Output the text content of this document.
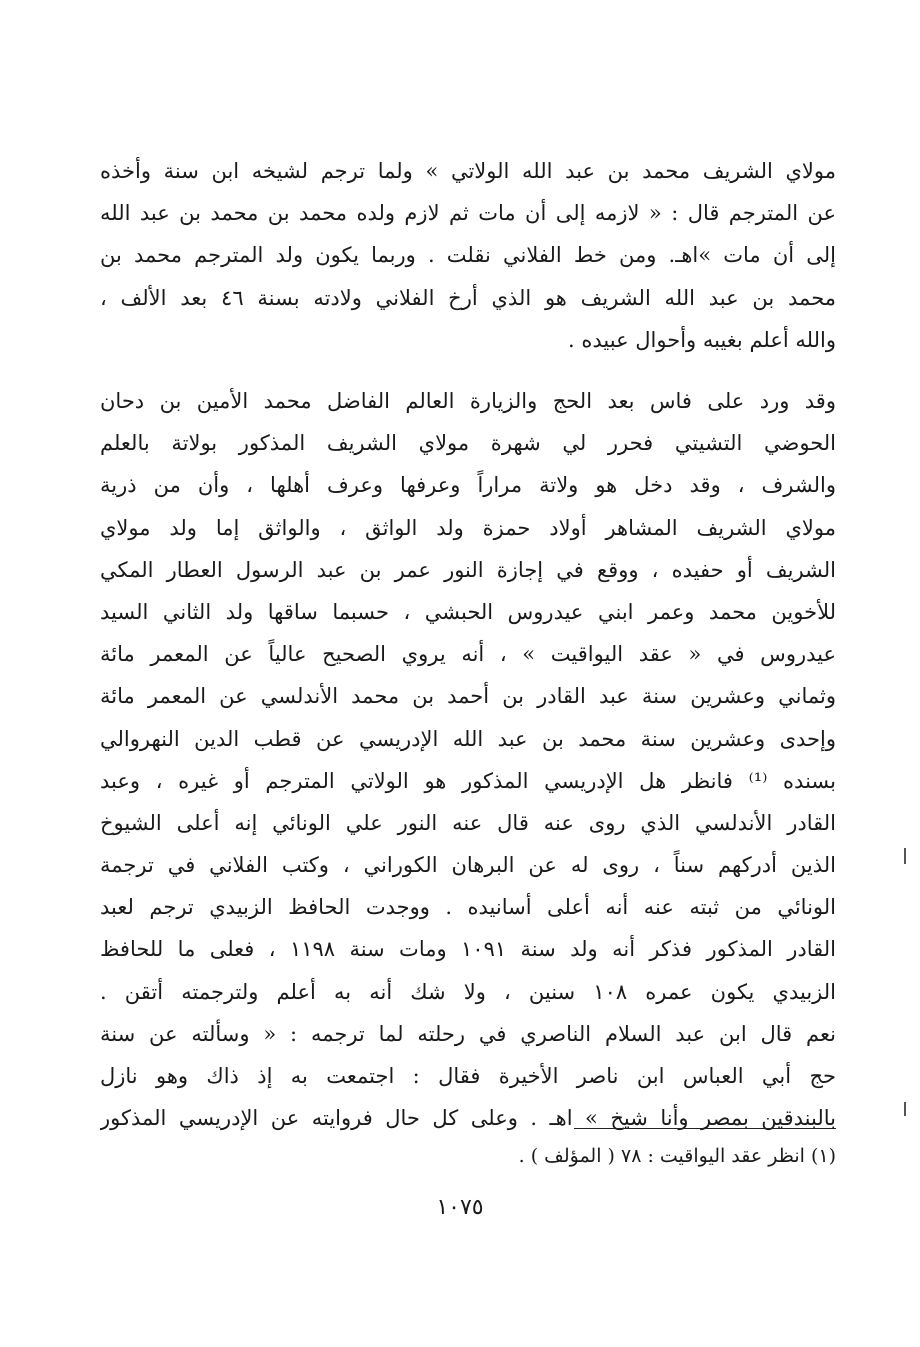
مولاي الشريف محمد بن عبد الله الولاتي » ولما ترجم لشيخه ابن سنة وأخذه
عن المترجم قال : « لازمه إلى أن مات ثم لازم ولده محمد بن محمد بن عبد الله
إلى أن مات »اهـ. ومن خط الفلاني نقلت . وربما يكون ولد المترجم محمد بن
محمد بن عبد الله الشريف هو الذي أرخ الفلاني ولادته بسنة ٤٦ بعد الألف ،
والله أعلم بغيبه وأحوال عبيده .
وقد ورد على فاس بعد الحج والزيارة العالم الفاضل محمد الأمين بن دحان
الحوضي التشيتي فحرر لي شهرة مولاي الشريف المذكور بولاتة بالعلم
والشرف ، وقد دخل هو ولاتة مراراً وعرفها وعرف أهلها ، وأن من ذرية
مولاي الشريف المشاهر أولاد حمزة ولد الواثق ، والواثق إما ولد مولاي
الشريف أو حفيده ، ووقع في إجازة النور عمر بن عبد الرسول العطار المكي
للأخوين محمد وعمر ابني عيدروس الحبشي ، حسبما ساقها ولد الثاني السيد
عيدروس في « عقد اليواقيت » ، أنه يروي الصحيح عالياً عن المعمر مائة
وثماني وعشرين سنة عبد القادر بن أحمد بن محمد الأندلسي عن المعمر مائة
وإحدى وعشرين سنة محمد بن عبد الله الإدريسي عن قطب الدين النهروالي
بسنده ⁽¹⁾ فانظر هل الإدريسي المذكور هو الولاتي المترجم أو غيره ، وعبد
القادر الأندلسي الذي روى عنه قال عنه النور علي الونائي إنه أعلى الشيوخ
الذين أدركهم سناً ، روى له عن البرهان الكوراني ، وكتب الفلاني في ترجمة
الونائي من ثبته عنه أنه أعلى أسانيده . ووجدت الحافظ الزبيدي ترجم لعبد
القادر المذكور فذكر أنه ولد سنة ١٠٩١ ومات سنة ١١٩٨ ، فعلى ما للحافظ
الزبيدي يكون عمره ١٠٨ سنين ، ولا شك أنه به أعلم ولترجمته أتقن .
نعم قال ابن عبد السلام الناصري في رحلته لما ترجمه : « وسألته عن سنة
حج أبي العباس ابن ناصر الأخيرة فقال : اجتمعت به إذ ذاك وهو نازل
بالبندقين بمصر وأنا شيخ » اهـ . وعلى كل حال فروايته عن الإدريسي المذكور
(١) انظر عقد اليواقيت : ٧٨ ( المؤلف ) .
١٠٧٥
